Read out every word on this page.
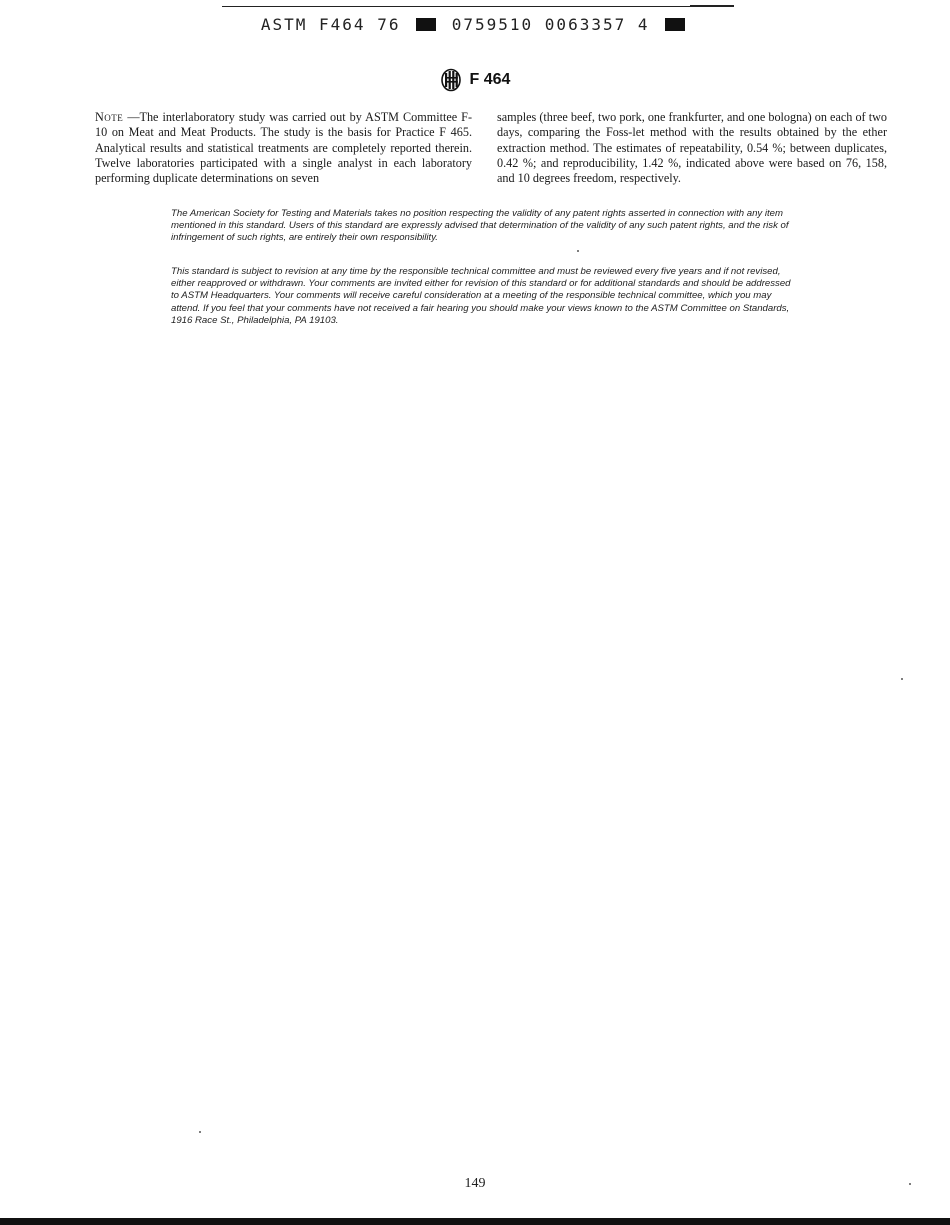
ASTM F464 76	0759510 0063357 4
F 464
Note —The interlaboratory study was carried out by ASTM Committee F-10 on Meat and Meat Products. The study is the basis for Practice F 465. Analytical results and statistical treatments are completely reported therein. Twelve laboratories participated with a single analyst in each laboratory performing duplicate determinations on seven
samples (three beef, two pork, one frankfurter, and one bologna) on each of two days, comparing the Foss-let method with the results obtained by the ether extraction method. The estimates of repeatability, 0.54 %; between duplicates, 0.42 %; and reproducibility, 1.42 %, indicated above were based on 76, 158, and 10 degrees freedom, respectively.
The American Society for Testing and Materials takes no position respecting the validity of any patent rights asserted in connection with any item mentioned in this standard. Users of this standard are expressly advised that determination of the validity of any such patent rights, and the risk of infringement of such rights, are entirely their own responsibility.
This standard is subject to revision at any time by the responsible technical committee and must be reviewed every five years and if not revised, either reapproved or withdrawn. Your comments are invited either for revision of this standard or for additional standards and should be addressed to ASTM Headquarters. Your comments will receive careful consideration at a meeting of the responsible technical committee, which you may attend. If you feel that your comments have not received a fair hearing you should make your views known to the ASTM Committee on Standards, 1916 Race St., Philadelphia, PA 19103.
149
